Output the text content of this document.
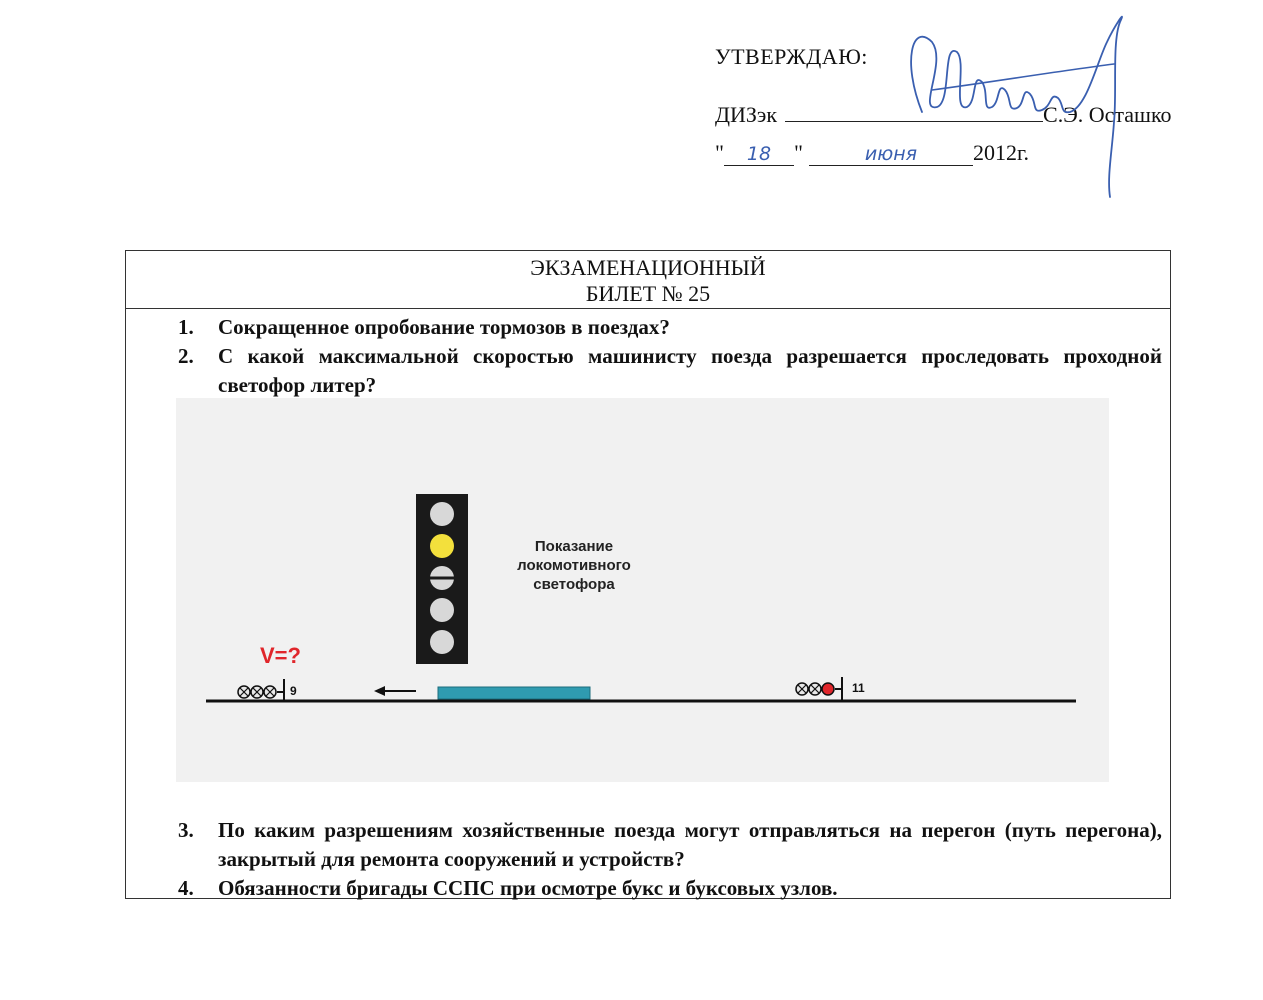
УТВЕРЖДАЮ:
ДИЗэк	С.Э. Осташко
" 18 "	июня	2012г.
ЭКЗАМЕНАЦИОННЫЙ
БИЛЕТ № 25
1.	Сокращенное опробование тормозов в поездах?
2.	С какой максимальной скоростью машинисту поезда разрешается проследовать проходной светофор литер?
Показание
локомотивного
светофора
V=?
9	11
3.	По каким разрешениям хозяйственные поезда могут отправляться на перегон (путь перегона), закрытый для ремонта сооружений и устройств?
4.	Обязанности бригады ССПС при осмотре букс и буксовых узлов.
